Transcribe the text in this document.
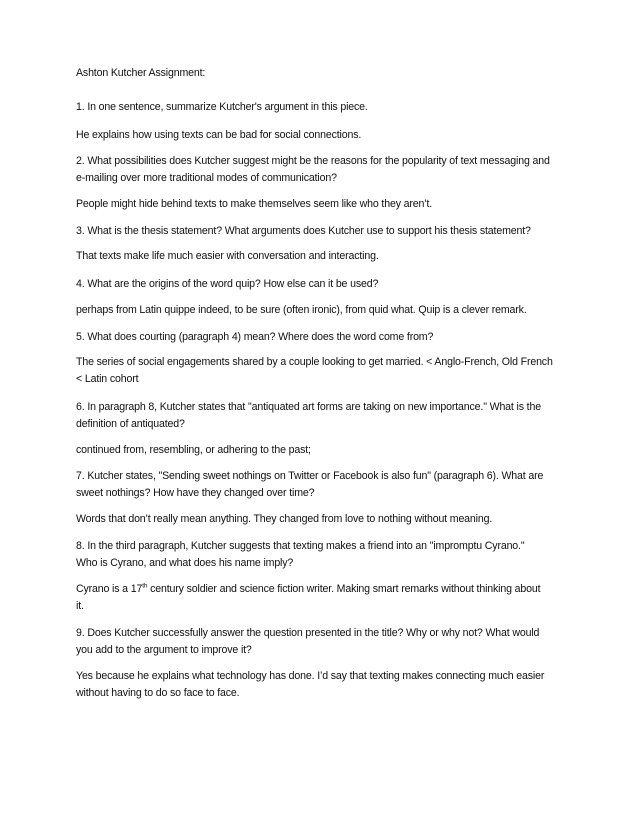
Ashton Kutcher Assignment:
1. In one sentence, summarize Kutcher's argument in this piece.
He explains how using texts can be bad for social connections.
2. What possibilities does Kutcher suggest might be the reasons for the popularity of text messaging and
e-mailing over more traditional modes of communication?
People might hide behind texts to make themselves seem like who they aren’t.
3. What is the thesis statement? What arguments does Kutcher use to support his thesis statement?
That texts make life much easier with conversation and interacting.
4. What are the origins of the word quip? How else can it be used?
perhaps from Latin quippe indeed, to be sure (often ironic), from quid what. Quip is a clever remark.
5. What does courting (paragraph 4) mean? Where does the word come from?
The series of social engagements shared by a couple looking to get married. < Anglo-French, Old French
< Latin cohort
6. In paragraph 8, Kutcher states that "antiquated art forms are taking on new importance." What is the
definition of antiquated?
continued from, resembling, or adhering to the past;
7. Kutcher states, "Sending sweet nothings on Twitter or Facebook is also fun" (paragraph 6). What are
sweet nothings? How have they changed over time?
Words that don’t really mean anything. They changed from love to nothing without meaning.
8. In the third paragraph, Kutcher suggests that texting makes a friend into an "impromptu Cyrano."
Who is Cyrano, and what does his name imply?
Cyrano is a 17th century soldier and science fiction writer. Making smart remarks without thinking about
it.
9. Does Kutcher successfully answer the question presented in the title? Why or why not? What would
you add to the argument to improve it?
Yes because he explains what technology has done. I’d say that texting makes connecting much easier
without having to do so face to face.
